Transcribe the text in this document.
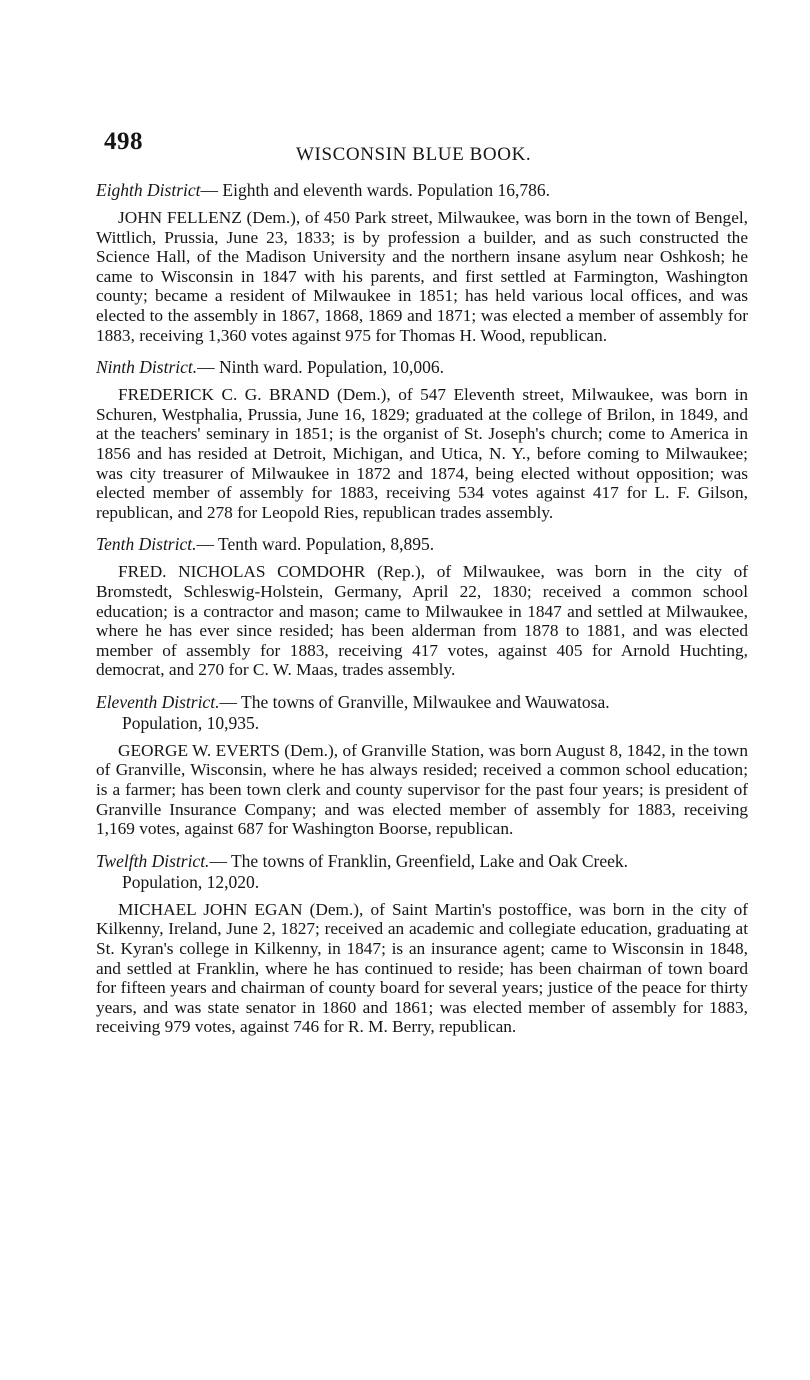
498	WISCONSIN BLUE BOOK.

Eighth District— Eighth and eleventh wards. Population 16,786.

JOHN FELLENZ (Dem.), of 450 Park street, Milwaukee, was born in the town of Bengel, Wittlich, Prussia, June 23, 1833; is by profession a builder, and as such constructed the Science Hall, of the Madison University and the northern insane asylum near Oshkosh; he came to Wisconsin in 1847 with his parents, and first settled at Farmington, Washington county; became a resident of Milwaukee in 1851; has held various local offices, and was elected to the assembly in 1867, 1868, 1869 and 1871; was elected a member of assembly for 1883, receiving 1,360 votes against 975 for Thomas H. Wood, republican.

Ninth District.— Ninth ward. Population, 10,006.

FREDERICK C. G. BRAND (Dem.), of 547 Eleventh street, Milwaukee, was born in Schuren, Westphalia, Prussia, June 16, 1829; graduated at the college of Brilon, in 1849, and at the teachers' seminary in 1851; is the organist of St. Joseph's church; come to America in 1856 and has resided at Detroit, Michigan, and Utica, N. Y., before coming to Milwaukee; was city treasurer of Milwaukee in 1872 and 1874, being elected without opposition; was elected member of assembly for 1883, receiving 534 votes against 417 for L. F. Gilson, republican, and 278 for Leopold Ries, republican trades assembly.

Tenth District.— Tenth ward. Population, 8,895.

FRED. NICHOLAS COMDOHR (Rep.), of Milwaukee, was born in the city of Bromstedt, Schleswig-Holstein, Germany, April 22, 1830; received a common school education; is a contractor and mason; came to Milwaukee in 1847 and settled at Milwaukee, where he has ever since resided; has been alderman from 1878 to 1881, and was elected member of assembly for 1883, receiving 417 votes, against 405 for Arnold Huchting, democrat, and 270 for C. W. Maas, trades assembly.

Eleventh District.— The towns of Granville, Milwaukee and Wauwatosa.
Population, 10,935.

GEORGE W. EVERTS (Dem.), of Granville Station, was born August 8, 1842, in the town of Granville, Wisconsin, where he has always resided; received a common school education; is a farmer; has been town clerk and county supervisor for the past four years; is president of Granville Insurance Company; and was elected member of assembly for 1883, receiving 1,169 votes, against 687 for Washington Boorse, republican.

Twelfth District.— The towns of Franklin, Greenfield, Lake and Oak Creek.
Population, 12,020.

MICHAEL JOHN EGAN (Dem.), of Saint Martin's postoffice, was born in the city of Kilkenny, Ireland, June 2, 1827; received an academic and collegiate education, graduating at St. Kyran's college in Kilkenny, in 1847; is an insurance agent; came to Wisconsin in 1848, and settled at Franklin, where he has continued to reside; has been chairman of town board for fifteen years and chairman of county board for several years; justice of the peace for thirty years, and was state senator in 1860 and 1861; was elected member of assembly for 1883, receiving 979 votes, against 746 for R. M. Berry, republican.
